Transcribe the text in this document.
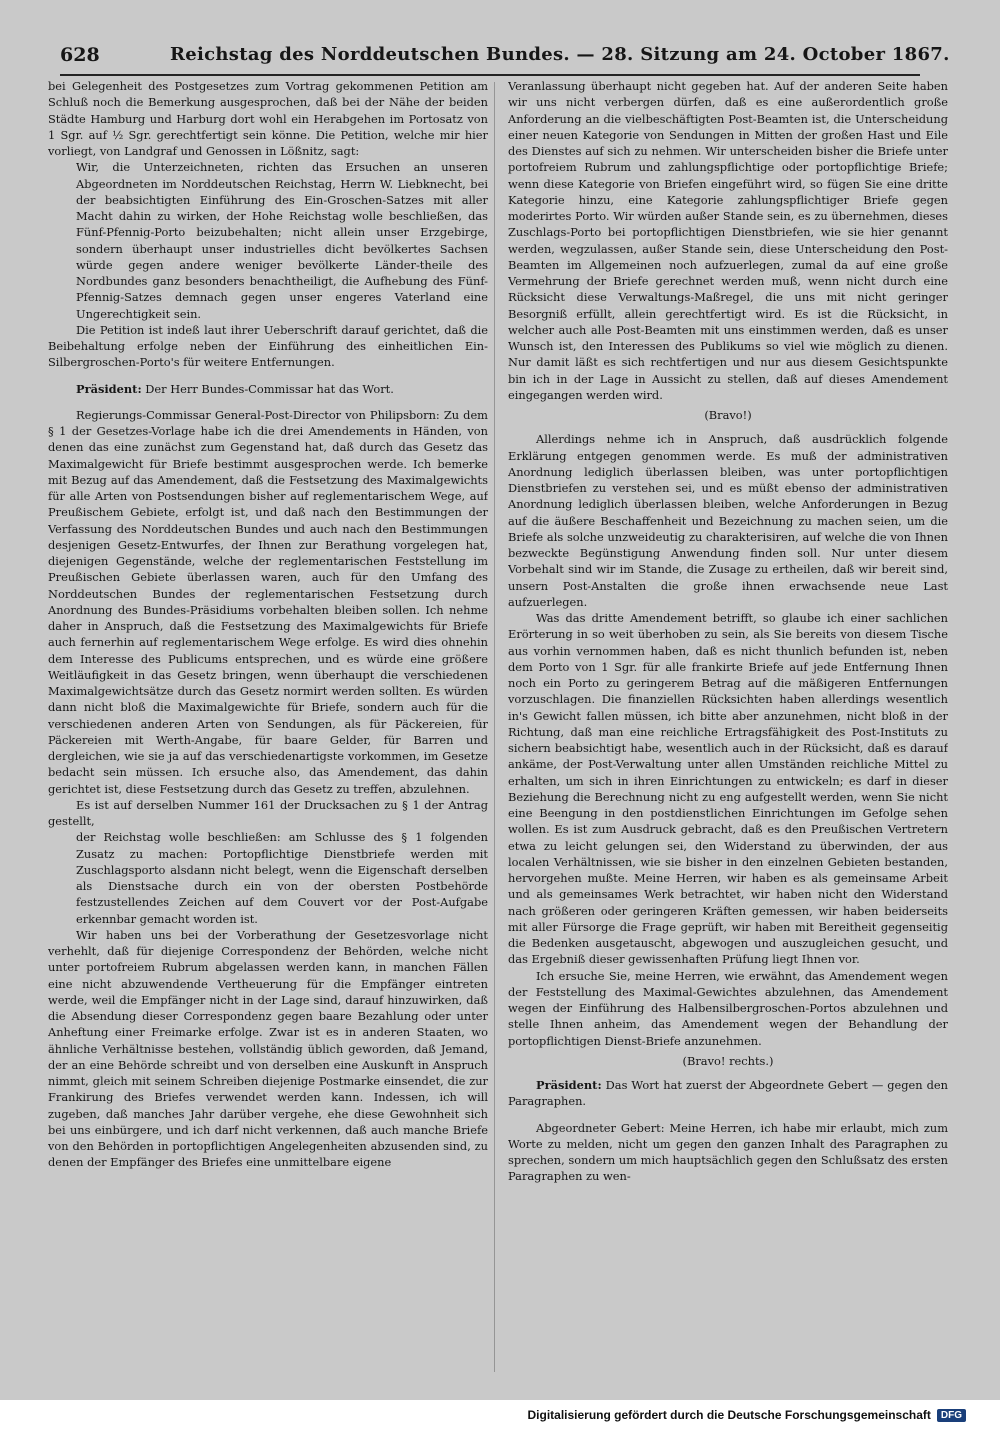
628	Reichstag des Norddeutschen Bundes. — 28. Sitzung am 24. October 1867.

bei Gelegenheit des Postgesetzes zum Vortrag gekommenen Petition am Schluß noch die Bemerkung ausgesprochen, daß bei der Nähe der beiden Städte Hamburg und Harburg dort wohl ein Herabgehen im Portosatz von 1 Sgr. auf ½ Sgr. gerechtfertigt sein könne. Die Petition, welche mir hier vorliegt, von Landgraf und Genossen in Lößnitz, sagt:

Wir, die Unterzeichneten, richten das Ersuchen an unseren Abgeordneten im Norddeutschen Reichstag, Herrn W. Liebknecht, bei der beabsichtigten Einführung des Ein-Groschen-Satzes mit aller Macht dahin zu wirken, der Hohe Reichstag wolle beschließen, das Fünf-Pfennig-Porto beizubehalten; nicht allein unser Erzgebirge, sondern überhaupt unser industrielles dicht bevölkertes Sachsen würde gegen andere weniger bevölkerte Länder-theile des Nordbundes ganz besonders benachtheiligt, die Aufhebung des Fünf-Pfennig-Satzes demnach gegen unser engeres Vaterland eine Ungerechtigkeit sein.

Die Petition ist indeß laut ihrer Ueberschrift darauf gerichtet, daß die Beibehaltung erfolge neben der Einführung des einheitlichen Ein-Silbergroschen-Porto's für weitere Entfernungen.

Präsident: Der Herr Bundes-Commissar hat das Wort.

Regierungs-Commissar General-Post-Director von Philipsborn: Zu dem § 1 der Gesetzes-Vorlage habe ich die drei Amendements in Händen, von denen das eine zunächst zum Gegenstand hat, daß durch das Gesetz das Maximalgewicht für Briefe bestimmt ausgesprochen werde. Ich bemerke mit Bezug auf das Amendement, daß die Festsetzung des Maximalgewichts für alle Arten von Postsendungen bisher auf reglementarischem Wege, auf Preußischem Gebiete, erfolgt ist, und daß nach den Bestimmungen der Verfassung des Norddeutschen Bundes und auch nach den Bestimmungen desjenigen Gesetz-Entwurfes, der Ihnen zur Berathung vorgelegen hat, diejenigen Gegenstände, welche der reglementarischen Feststellung im Preußischen Gebiete überlassen waren, auch für den Umfang des Norddeutschen Bundes der reglementarischen Festsetzung durch Anordnung des Bundes-Präsidiums vorbehalten bleiben sollen. Ich nehme daher in Anspruch, daß die Festsetzung des Maximalgewichts für Briefe auch fernerhin auf reglementarischem Wege erfolge. Es wird dies ohnehin dem Interesse des Publicums entsprechen, und es würde eine größere Weitläufigkeit in das Gesetz bringen, wenn überhaupt die verschiedenen Maximalgewichtsätze durch das Gesetz normirt werden sollten. Es würden dann nicht bloß die Maximalgewichte für Briefe, sondern auch für die verschiedenen anderen Arten von Sendungen, als für Päckereien, für Päckereien mit Werth-Angabe, für baare Gelder, für Barren und dergleichen, wie sie ja auf das verschiedenartigste vorkommen, im Gesetze bedacht sein müssen. Ich ersuche also, das Amendement, das dahin gerichtet ist, diese Festsetzung durch das Gesetz zu treffen, abzulehnen.

Es ist auf derselben Nummer 161 der Drucksachen zu § 1 der Antrag gestellt,

der Reichstag wolle beschließen: am Schlusse des § 1 folgenden Zusatz zu machen: Portopflichtige Dienstbriefe werden mit Zuschlagsporto alsdann nicht belegt, wenn die Eigenschaft derselben als Dienstsache durch ein von der obersten Postbehörde festzustellendes Zeichen auf dem Couvert vor der Post-Aufgabe erkennbar gemacht worden ist.

Wir haben uns bei der Vorberathung der Gesetzesvorlage nicht verhehlt, daß für diejenige Correspondenz der Behörden, welche nicht unter portofreiem Rubrum abgelassen werden kann, in manchen Fällen eine nicht abzuwendende Vertheuerung für die Empfänger eintreten werde, weil die Empfänger nicht in der Lage sind, darauf hinzuwirken, daß die Absendung dieser Correspondenz gegen baare Bezahlung oder unter Anheftung einer Freimarke erfolge. Zwar ist es in anderen Staaten, wo ähnliche Verhältnisse bestehen, vollständig üblich geworden, daß Jemand, der an eine Behörde schreibt und von derselben eine Auskunft in Anspruch nimmt, gleich mit seinem Schreiben diejenige Postmarke einsendet, die zur Frankirung des Briefes verwendet werden kann. Indessen, ich will zugeben, daß manches Jahr darüber vergehe, ehe diese Gewohnheit sich bei uns einbürgere, und ich darf nicht verkennen, daß auch manche Briefe von den Behörden in portopflichtigen Angelegenheiten abzusenden sind, zu denen der Empfänger des Briefes eine unmittelbare eigene

Veranlassung überhaupt nicht gegeben hat. Auf der anderen Seite haben wir uns nicht verbergen dürfen, daß es eine außerordentlich große Anforderung an die vielbeschäftigten Post-Beamten ist, die Unterscheidung einer neuen Kategorie von Sendungen in Mitten der großen Hast und Eile des Dienstes auf sich zu nehmen. Wir unterscheiden bisher die Briefe unter portofreiem Rubrum und zahlungspflichtige oder portopflichtige Briefe; wenn diese Kategorie von Briefen eingeführt wird, so fügen Sie eine dritte Kategorie hinzu, eine Kategorie zahlungspflichtiger Briefe gegen moderirtes Porto. Wir würden außer Stande sein, es zu übernehmen, dieses Zuschlags-Porto bei portopflichtigen Dienstbriefen, wie sie hier genannt werden, wegzulassen, außer Stande sein, diese Unterscheidung den Post-Beamten im Allgemeinen noch aufzuerlegen, zumal da auf eine große Vermehrung der Briefe gerechnet werden muß, wenn nicht durch eine Rücksicht diese Verwaltungs-Maßregel, die uns mit nicht geringer Besorgniß erfüllt, allein gerechtfertigt wird. Es ist die Rücksicht, in welcher auch alle Post-Beamten mit uns einstimmen werden, daß es unser Wunsch ist, den Interessen des Publikums so viel wie möglich zu dienen. Nur damit läßt es sich rechtfertigen und nur aus diesem Gesichtspunkte bin ich in der Lage in Aussicht zu stellen, daß auf dieses Amendement eingegangen werden wird.

(Bravo!)

Allerdings nehme ich in Anspruch, daß ausdrücklich folgende Erklärung entgegen genommen werde. Es muß der administrativen Anordnung lediglich überlassen bleiben, was unter portopflichtigen Dienstbriefen zu verstehen sei, und es müßt ebenso der administrativen Anordnung lediglich überlassen bleiben, welche Anforderungen in Bezug auf die äußere Beschaffenheit und Bezeichnung zu machen seien, um die Briefe als solche unzweideutig zu charakterisiren, auf welche die von Ihnen bezweckte Begünstigung Anwendung finden soll. Nur unter diesem Vorbehalt sind wir im Stande, die Zusage zu ertheilen, daß wir bereit sind, unsern Post-Anstalten die große ihnen erwachsende neue Last aufzuerlegen.

Was das dritte Amendement betrifft, so glaube ich einer sachlichen Erörterung in so weit überhoben zu sein, als Sie bereits von diesem Tische aus vorhin vernommen haben, daß es nicht thunlich befunden ist, neben dem Porto von 1 Sgr. für alle frankirte Briefe auf jede Entfernung Ihnen noch ein Porto zu geringerem Betrag auf die mäßigeren Entfernungen vorzuschlagen. Die finanziellen Rücksichten haben allerdings wesentlich in's Gewicht fallen müssen, ich bitte aber anzunehmen, nicht bloß in der Richtung, daß man eine reichliche Ertragsfähigkeit des Post-Instituts zu sichern beabsichtigt habe, wesentlich auch in der Rücksicht, daß es darauf ankäme, der Post-Verwaltung unter allen Umständen reichliche Mittel zu erhalten, um sich in ihren Einrichtungen zu entwickeln; es darf in dieser Beziehung die Berechnung nicht zu eng aufgestellt werden, wenn Sie nicht eine Beengung in den postdienstlichen Einrichtungen im Gefolge sehen wollen. Es ist zum Ausdruck gebracht, daß es den Preußischen Vertretern etwa zu leicht gelungen sei, den Widerstand zu überwinden, der aus localen Verhältnissen, wie sie bisher in den einzelnen Gebieten bestanden, hervorgehen mußte. Meine Herren, wir haben es als gemeinsame Arbeit und als gemeinsames Werk betrachtet, wir haben nicht den Widerstand nach größeren oder geringeren Kräften gemessen, wir haben beiderseits mit aller Fürsorge die Frage geprüft, wir haben mit Bereitheit gegenseitig die Bedenken ausgetauscht, abgewogen und auszugleichen gesucht, und das Ergebniß dieser gewissenhaften Prüfung liegt Ihnen vor.

Ich ersuche Sie, meine Herren, wie erwähnt, das Amendement wegen der Feststellung des Maximal-Gewichtes abzulehnen, das Amendement wegen der Einführung des Halbensilbergroschen-Portos abzulehnen und stelle Ihnen anheim, das Amendement wegen der Behandlung der portopflichtigen Dienst-Briefe anzunehmen.

(Bravo! rechts.)

Präsident: Das Wort hat zuerst der Abgeordnete Gebert — gegen den Paragraphen.

Abgeordneter Gebert: Meine Herren, ich habe mir erlaubt, mich zum Worte zu melden, nicht um gegen den ganzen Inhalt des Paragraphen zu sprechen, sondern um mich hauptsächlich gegen den Schlußsatz des ersten Paragraphen zu wen-

Digitalisierung gefördert durch die Deutsche Forschungsgemeinschaft	DFG
